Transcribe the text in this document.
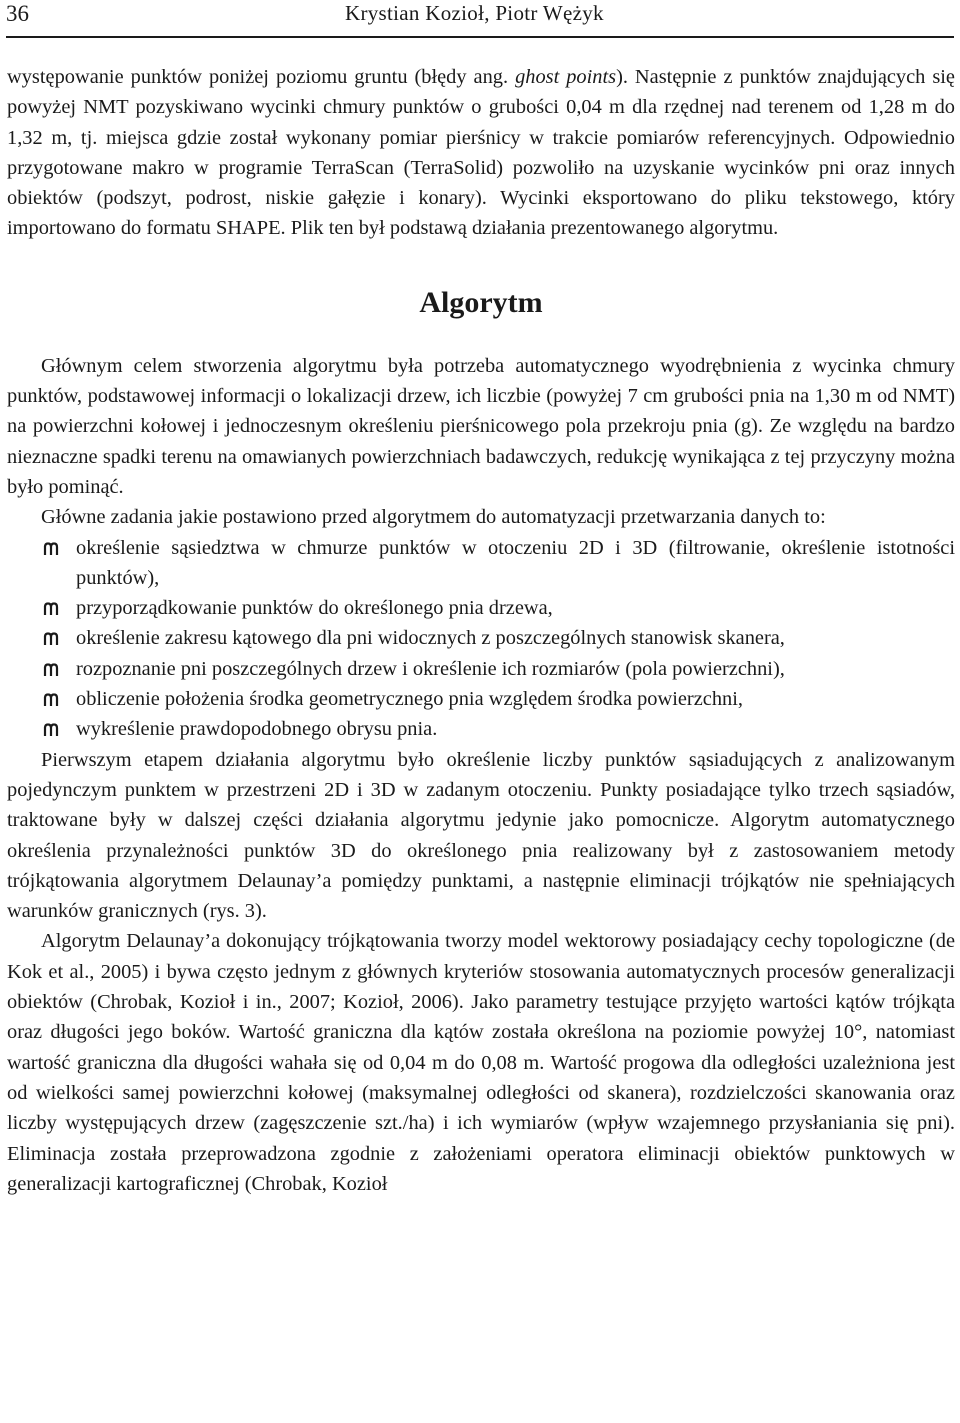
36	Krystian Kozioł, Piotr Wężyk

występowanie punktów poniżej poziomu gruntu (błędy ang. ghost points). Następnie z punktów znajdujących się powyżej NMT pozyskiwano wycinki chmury punktów o grubości 0,04 m dla rzędnej nad terenem od 1,28 m do 1,32 m, tj. miejsca gdzie został wykonany pomiar pierśnicy w trakcie pomiarów referencyjnych. Odpowiednio przygotowane makro w programie TerraScan (TerraSolid) pozwoliło na uzyskanie wycinków pni oraz innych obiektów (podszyt, podrost, niskie gałęzie i konary). Wycinki eksportowano do pliku tekstowego, który importowano do formatu SHAPE. Plik ten był podstawą działania prezentowanego algorytmu.

Algorytm

Głównym celem stworzenia algorytmu była potrzeba automatycznego wyodrębnienia z wycinka chmury punktów, podstawowej informacji o lokalizacji drzew, ich liczbie (powyżej 7 cm grubości pnia na 1,30 m od NMT) na powierzchni kołowej i jednoczesnym określeniu pierśnicowego pola przekroju pnia (g). Ze względu na bardzo nieznaczne spadki terenu na omawianych powierzchniach badawczych, redukcję wynikająca z tej przyczyny można było pominąć.

Główne zadania jakie postawiono przed algorytmem do automatyzacji przetwarzania danych to:

określenie sąsiedztwa w chmurze punktów w otoczeniu 2D i 3D (filtrowanie, określenie istotności punktów),
przyporządkowanie punktów do określonego pnia drzewa,
określenie zakresu kątowego dla pni widocznych z poszczególnych stanowisk skanera,
rozpoznanie pni poszczególnych drzew i określenie ich rozmiarów (pola powierzchni),
obliczenie położenia środka geometrycznego pnia względem środka powierzchni,
wykreślenie prawdopodobnego obrysu pnia.

Pierwszym etapem działania algorytmu było określenie liczby punktów sąsiadujących z analizowanym pojedynczym punktem w przestrzeni 2D i 3D w zadanym otoczeniu. Punkty posiadające tylko trzech sąsiadów, traktowane były w dalszej części działania algorytmu jedynie jako pomocnicze. Algorytm automatycznego określenia przynależności punktów 3D do określonego pnia realizowany był z zastosowaniem metody trójkątowania algorytmem Delaunay’a pomiędzy punktami, a następnie eliminacji trójkątów nie spełniających warunków granicznych (rys. 3).

Algorytm Delaunay’a dokonujący trójkątowania tworzy model wektorowy posiadający cechy topologiczne (de Kok et al., 2005) i bywa często jednym z głównych kryteriów stosowania automatycznych procesów generalizacji obiektów (Chrobak, Kozioł i in., 2007; Kozioł, 2006). Jako parametry testujące przyjęto wartości kątów trójkąta oraz długości jego boków. Wartość graniczna dla kątów została określona na poziomie powyżej 10°, natomiast wartość graniczna dla długości wahała się od 0,04 m do 0,08 m. Wartość progowa dla odległości uzależniona jest od wielkości samej powierzchni kołowej (maksymalnej odległości od skanera), rozdzielczości skanowania oraz liczby występujących drzew (zagęszczenie szt./ha) i ich wymiarów (wpływ wzajemnego przysłaniania się pni). Eliminacja została przeprowadzona zgodnie z założeniami operatora eliminacji obiektów punktowych w generalizacji kartograficznej (Chrobak, Kozioł
